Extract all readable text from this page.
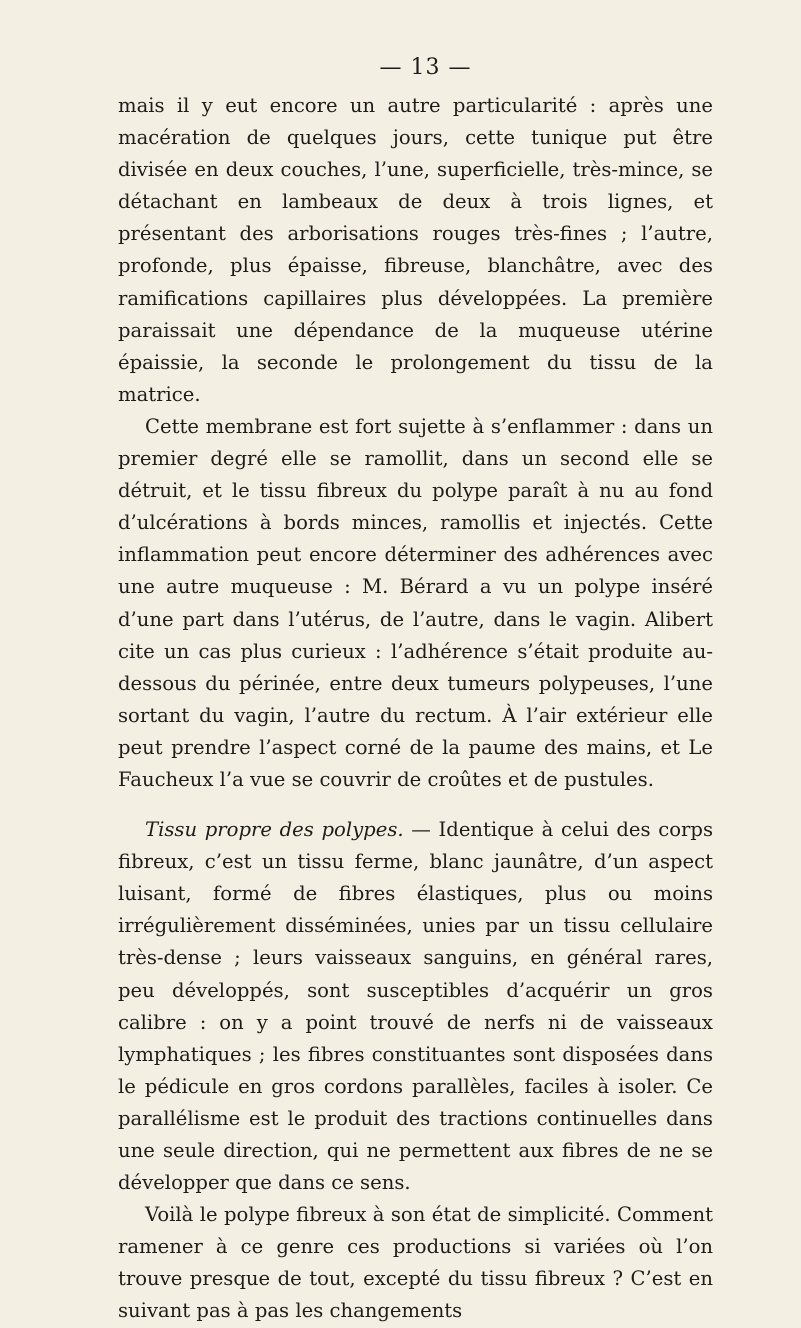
— 13 —

mais il y eut encore un autre particularité : après une macération de quelques jours, cette tunique put être divisée en deux couches, l’une, superficielle, très-mince, se détachant en lambeaux de deux à trois lignes, et présentant des arborisations rouges très-fines ; l’autre, profonde, plus épaisse, fibreuse, blanchâtre, avec des ramifications capillaires plus développées. La première paraissait une dépendance de la muqueuse utérine épaissie, la seconde le prolongement du tissu de la matrice.

Cette membrane est fort sujette à s’enflammer : dans un premier degré elle se ramollit, dans un second elle se détruit, et le tissu fibreux du polype paraît à nu au fond d’ulcérations à bords minces, ramollis et injectés. Cette inflammation peut encore déterminer des adhérences avec une autre muqueuse : M. Bérard a vu un polype inséré d’une part dans l’utérus, de l’autre, dans le vagin. Alibert cite un cas plus curieux : l’adhérence s’était produite au-dessous du périnée, entre deux tumeurs polypeuses, l’une sortant du vagin, l’autre du rectum. À l’air extérieur elle peut prendre l’aspect corné de la paume des mains, et Le Faucheux l’a vue se couvrir de croûtes et de pustules.

Tissu propre des polypes. — Identique à celui des corps fibreux, c’est un tissu ferme, blanc jaunâtre, d’un aspect luisant, formé de fibres élastiques, plus ou moins irrégulièrement disséminées, unies par un tissu cellulaire très-dense ; leurs vaisseaux sanguins, en général rares, peu développés, sont susceptibles d’acquérir un gros calibre : on y a point trouvé de nerfs ni de vaisseaux lymphatiques ; les fibres constituantes sont disposées dans le pédicule en gros cordons parallèles, faciles à isoler. Ce parallélisme est le produit des tractions continuelles dans une seule direction, qui ne permettent aux fibres de ne se développer que dans ce sens.

Voilà le polype fibreux à son état de simplicité. Comment ramener à ce genre ces productions si variées où l’on trouve presque de tout, excepté du tissu fibreux ? C’est en suivant pas à pas les changements
